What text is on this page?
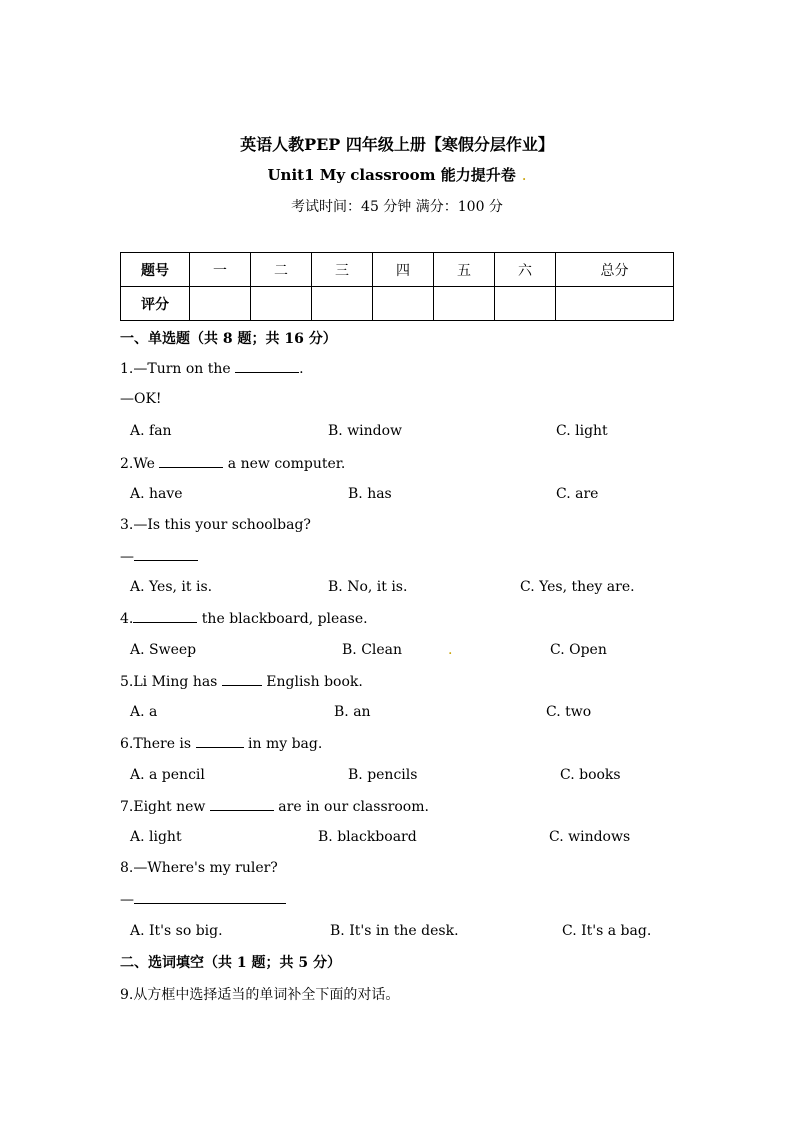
英语人教PEP 四年级上册【寒假分层作业】
Unit1 My classroom 能力提升卷 .
考试时间：45 分钟 满分：100 分
题号	一	二	三	四	五	六	总分
评分							
一、单选题（共 8 题；共 16 分）
1.—Turn on the	.
—OK!
A. fan	B. window	C. light
2.We	a new computer.
A. have	B. has	C. are
3.—Is this your schoolbag?
—
A. Yes, it is.	B. No, it is.	C. Yes, they are.
4.	the blackboard, please.
A. Sweep	B. Clean	.	C. Open
5.Li Ming has	English book.
A. a	B. an	C. two
6.There is	in my bag.
A. a pencil	B. pencils	C. books
7.Eight new	are in our classroom.
A. light	B. blackboard	C. windows
8.—Where's my ruler?
—
A. It's so big.	B. It's in the desk.	C. It's a bag.
二、选词填空（共 1 题；共 5 分）
9.从方框中选择适当的单词补全下面的对话。
